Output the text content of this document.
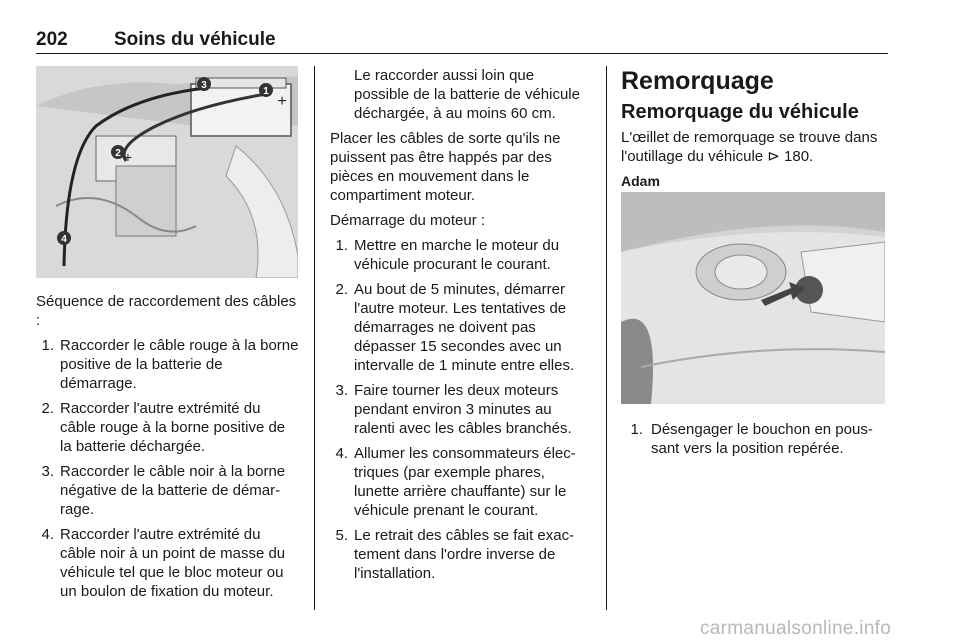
202 Soins du véhicule
1
2
3
4
+
+

Séquence de raccordement des câbles :

1. Raccorder le câble rouge à la borne positive de la batterie de démarrage.
2. Raccorder l'autre extrémité du câble rouge à la borne positive de la batterie déchargée.
3. Raccorder le câble noir à la borne négative de la batterie de démar-rage.
4. Raccorder l'autre extrémité du câble noir à un point de masse du véhicule tel que le bloc moteur ou un boulon de fixation du moteur.

Le raccorder aussi loin que possible de la batterie de véhicule déchargée, à au moins 60 cm.

Placer les câbles de sorte qu'ils ne puissent pas être happés par des pièces en mouvement dans le compartiment moteur.

Démarrage du moteur :

1. Mettre en marche le moteur du véhicule procurant le courant.
2. Au bout de 5 minutes, démarrer l'autre moteur. Les tentatives de démarrages ne doivent pas dépasser 15 secondes avec un intervalle de 1 minute entre elles.
3. Faire tourner les deux moteurs pendant environ 3 minutes au ralenti avec les câbles branchés.
4. Allumer les consommateurs élec-triques (par exemple phares, lunette arrière chauffante) sur le véhicule prenant le courant.
5. Le retrait des câbles se fait exac-tement dans l'ordre inverse de l'installation.
Remorquage
Remorquage du véhicule

L'œillet de remorquage se trouve dans l'outillage du véhicule ⊳ 180.

Adam
1. Désengager le bouchon en pous-sant vers la position repérée.
carmanualsonline.info
